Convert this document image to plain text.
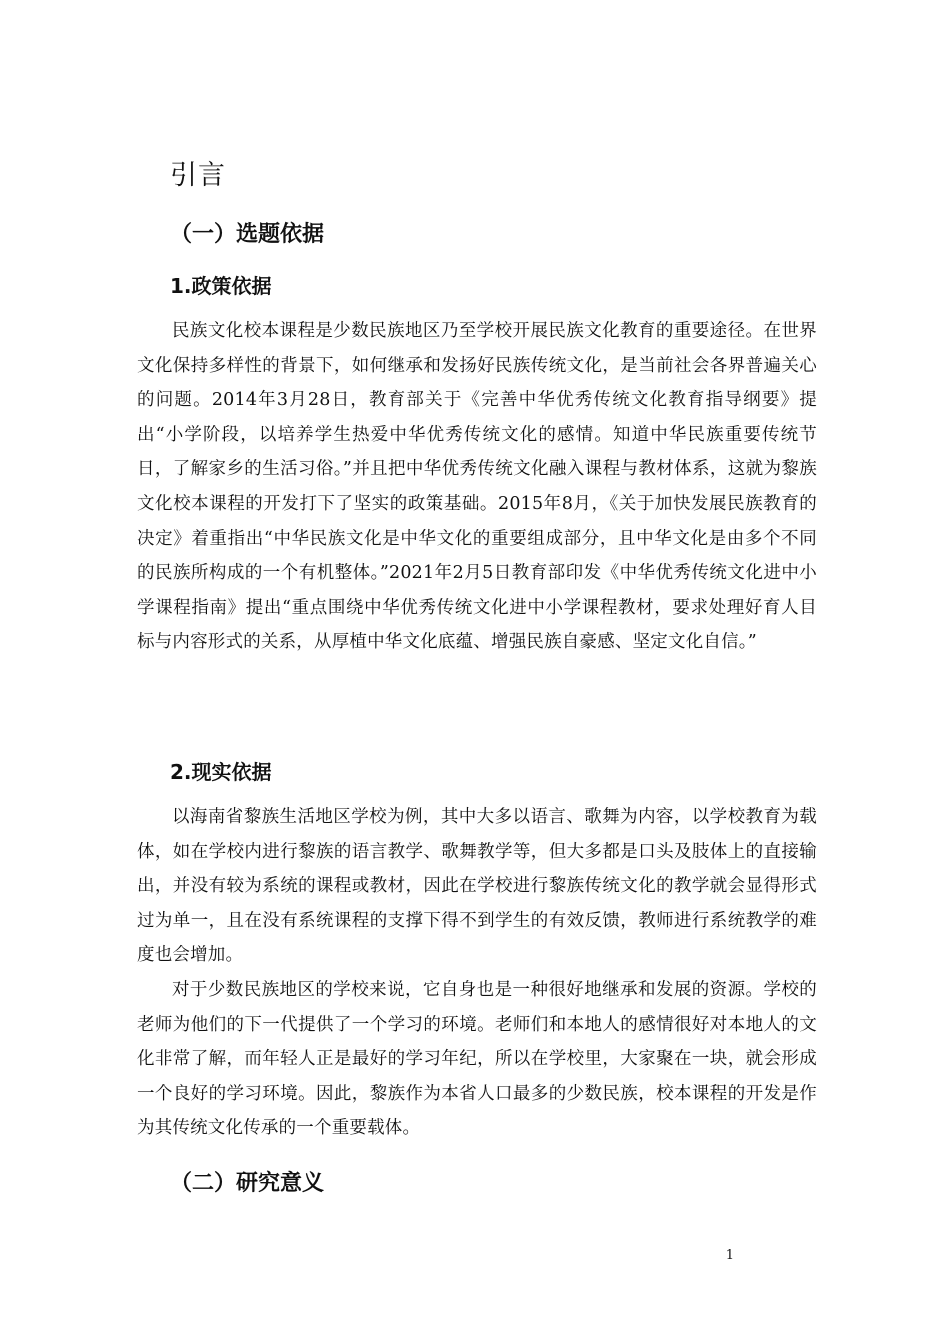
引言
（一）选题依据
1.政策依据

民族文化校本课程是少数民族地区乃至学校开展民族文化教育的重要途径。在世界文化保持多样性的背景下，如何继承和发扬好民族传统文化，是当前社会各界普遍关心的问题。2014年3月28日，教育部关于《完善中华优秀传统文化教育指导纲要》提出“小学阶段，以培养学生热爱中华优秀传统文化的感情。知道中华民族重要传统节日，了解家乡的生活习俗。”并且把中华优秀传统文化融入课程与教材体系，这就为黎族文化校本课程的开发打下了坚实的政策基础。2015年8月，《关于加快发展民族教育的决定》着重指出“中华民族文化是中华文化的重要组成部分，且中华文化是由多个不同的民族所构成的一个有机整体。”2021年2月5日教育部印发《中华优秀传统文化进中小学课程指南》提出“重点围绕中华优秀传统文化进中小学课程教材，要求处理好育人目标与内容形式的关系，从厚植中华文化底蕴、增强民族自豪感、坚定文化自信。”

2.现实依据

以海南省黎族生活地区学校为例，其中大多以语言、歌舞为内容，以学校教育为载体，如在学校内进行黎族的语言教学、歌舞教学等，但大多都是口头及肢体上的直接输出，并没有较为系统的课程或教材，因此在学校进行黎族传统文化的教学就会显得形式过为单一，且在没有系统课程的支撑下得不到学生的有效反馈，教师进行系统教学的难度也会增加。

对于少数民族地区的学校来说，它自身也是一种很好地继承和发展的资源。学校的老师为他们的下一代提供了一个学习的环境。老师们和本地人的感情很好对本地人的文化非常了解，而年轻人正是最好的学习年纪，所以在学校里，大家聚在一块，就会形成一个良好的学习环境。因此，黎族作为本省人口最多的少数民族，校本课程的开发是作为其传统文化传承的一个重要载体。

（二）研究意义
1
